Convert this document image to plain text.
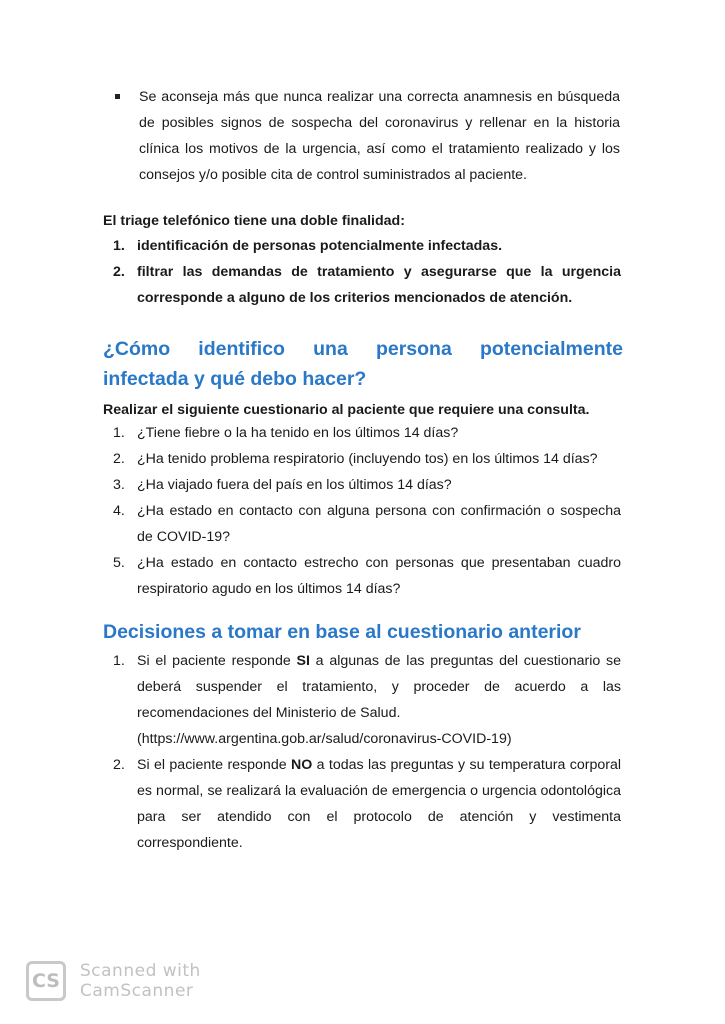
Se aconseja más que nunca realizar una correcta anamnesis en búsqueda de posibles signos de sospecha del coronavirus y rellenar en la historia clínica los motivos de la urgencia, así como el tratamiento realizado y los consejos y/o posible cita de control suministrados al paciente.
El triage telefónico tiene una doble finalidad:
1. identificación de personas potencialmente infectadas.
2. filtrar las demandas de tratamiento y asegurarse que la urgencia corresponde a alguno de los criterios mencionados de atención.
¿Cómo identifico una persona potencialmente infectada y qué debo hacer?
Realizar el siguiente cuestionario al paciente que requiere una consulta.
1. ¿Tiene fiebre o la ha tenido en los últimos 14 días?
2. ¿Ha tenido problema respiratorio (incluyendo tos) en los últimos 14 días?
3. ¿Ha viajado fuera del país en los últimos 14 días?
4. ¿Ha estado en contacto con alguna persona con confirmación o sospecha de COVID-19?
5. ¿Ha estado en contacto estrecho con personas que presentaban cuadro respiratorio agudo en los últimos 14 días?
Decisiones a tomar en base al cuestionario anterior
1. Si el paciente responde SI a algunas de las preguntas del cuestionario se deberá suspender el tratamiento, y proceder de acuerdo a las recomendaciones del Ministerio de Salud.
(https://www.argentina.gob.ar/salud/coronavirus-COVID-19)
2. Si el paciente responde NO a todas las preguntas y su temperatura corporal es normal, se realizará la evaluación de emergencia o urgencia odontológica para ser atendido con el protocolo de atención y vestimenta correspondiente.
CS	Scanned with
CamScanner
